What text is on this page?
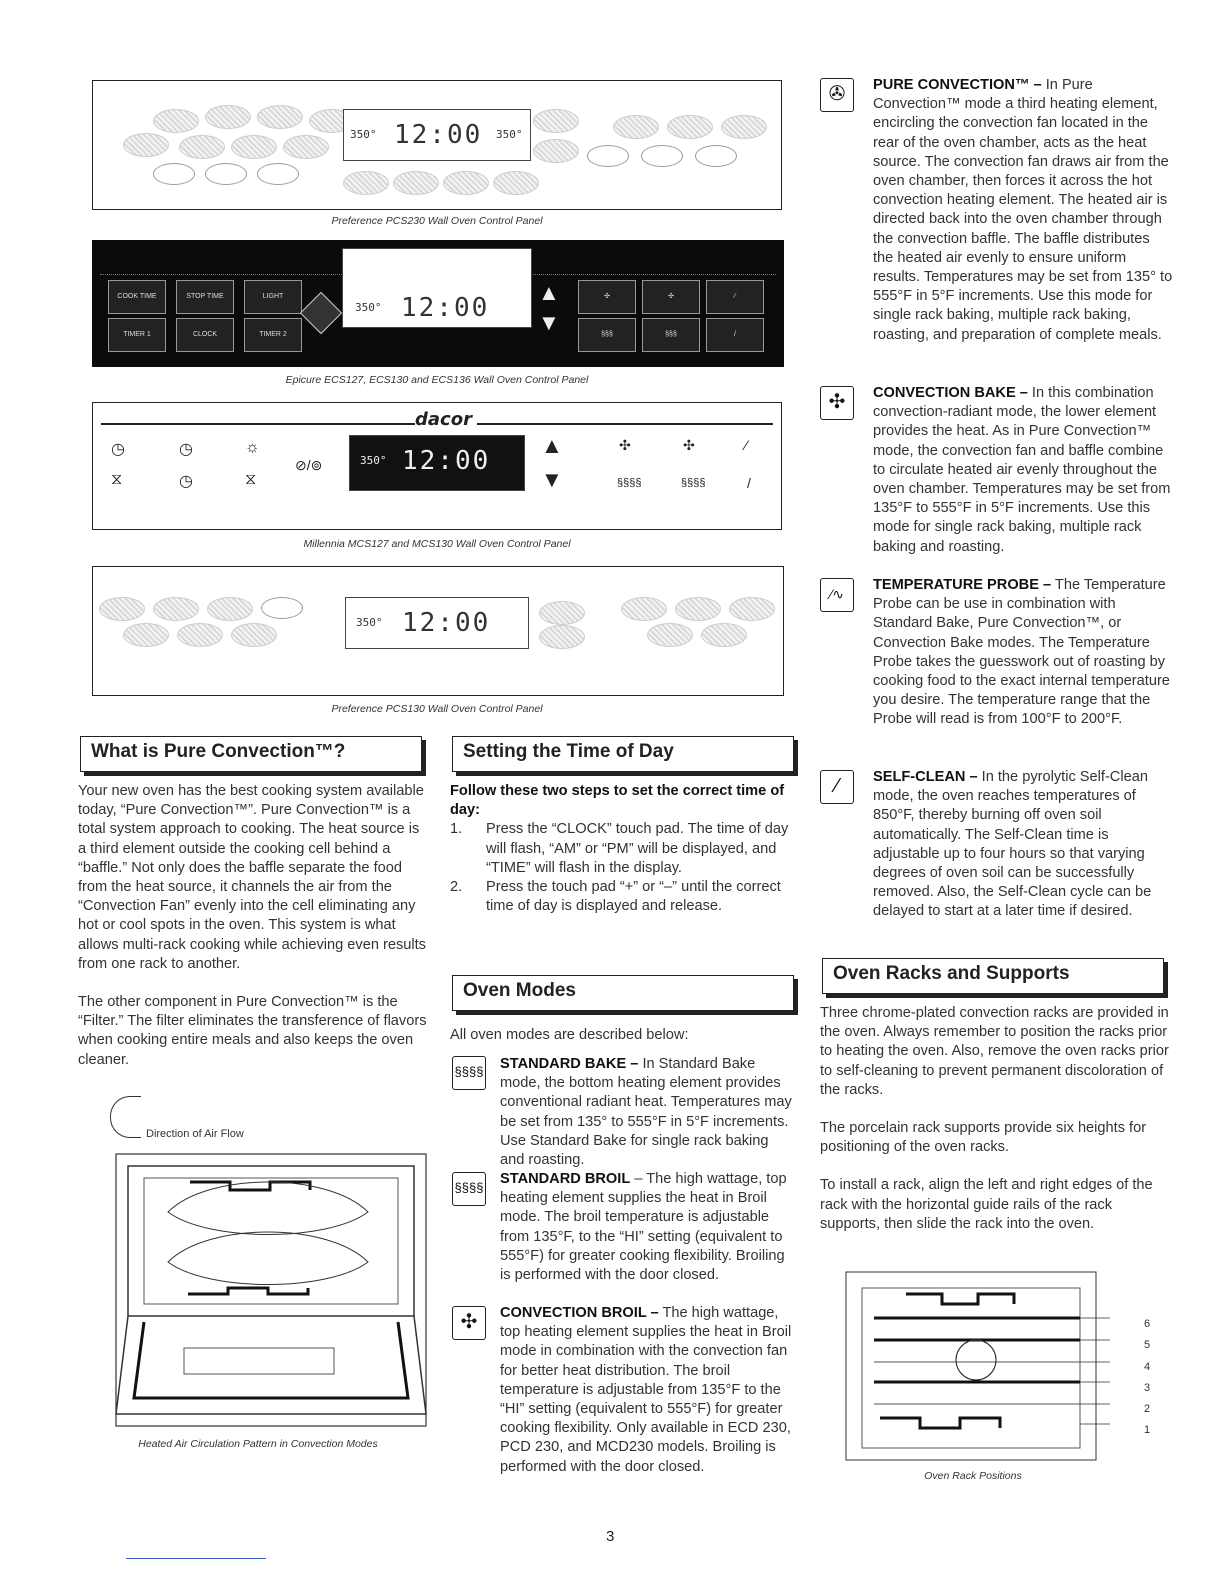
350° 12:00 350°
Preference PCS230 Wall Oven Control Panel
COOK TIME	STOP TIME	LIGHT
TIMER 1	CLOCK	TIMER 2
350° 12:00
▲
▼
✣	✣	⁄
§§§	§§§	/
Epicure ECS127, ECS130 and ECS136 Wall Oven Control Panel
dacor
◷	◷	☼
⧖	◷	⧖
⊘/⊚	350° 12:00
▲
▼
✣	✣	⁄
§§§§	§§§§	/
Millennia MCS127 and MCS130 Wall Oven Control Panel
350° 12:00
Preference PCS130 Wall Oven Control Panel
What is Pure Convection™?

Your new oven has the best cooking system available today, “Pure Convection™”. Pure Convection™ is a total system approach to cooking. The heat source is a third element outside the cooking cell behind a “baffle.” Not only does the baffle separate the food from the heat source, it channels the air from the “Convection Fan” evenly into the cell eliminating any hot or cool spots in the oven. This system is what allows multi-rack cooking while achieving even results from one rack to another.

The other component in Pure Convection™ is the “Filter.” The filter eliminates the transference of flavors when cooking entire meals and also keeps the oven cleaner.

Direction of Air Flow
Heated Air Circulation Pattern in Convection Modes
Setting the Time of Day

Follow these two steps to set the correct time of day:

1. Press the “CLOCK” touch pad. The time of day will flash, “AM” or “PM” will be displayed, and “TIME” will flash in the display.
2. Press the touch pad “+” or “–” until the correct time of day is displayed and release.
Oven Modes
All oven modes are described below:
§§§§ STANDARD BAKE – In Standard Bake mode, the bottom heating element provides conventional radiant heat. Temperatures may be set from 135° to 555°F in 5°F increments. Use Standard Bake for single rack baking and roasting.
§§§§
STANDARD BROIL – The high wattage, top heating element supplies the heat in Broil mode. The broil temperature is adjustable from 135°F, to the “HI” setting (equivalent to 555°F) for greater cooking flexibility. Broiling is performed with the door closed.
✣	CONVECTION BROIL – The high wattage, top heating element supplies the heat in Broil mode in combination with the convection fan for better heat distribution. The broil temperature is adjustable from 135°F to the “HI” setting (equivalent to 555°F) for greater cooking flexibility. Only available in ECD 230, PCD 230, and MCD230 models. Broiling is performed with the door closed.
✇	PURE CONVECTION™ – In Pure Convection™ mode a third heating element, encircling the convection fan located in the rear of the oven chamber, acts as the heat source. The convection fan draws air from the oven chamber, then forces it across the hot convection heating element. The heated air is directed back into the oven chamber through the convection baffle. The baffle distributes the heated air evenly to ensure uniform results. Temperatures may be set from 135° to 555°F in 5°F increments. Use this mode for single rack baking, multiple rack baking, roasting, and preparation of complete meals.
✣	CONVECTION BAKE – In this combination convection-radiant mode, the lower element provides the heat. As in Pure Convection™ mode, the convection fan and baffle combine to circulate heated air evenly throughout the oven chamber. Temperatures may be set from 135°F to 555°F in 5°F increments. Use this mode for single rack baking, multiple rack baking and roasting.
⁄∿
TEMPERATURE PROBE – The Temperature Probe can be use in combination with Standard Bake, Pure Convection™, or Convection Bake modes. The Temperature Probe takes the guesswork out of roasting by cooking food to the exact internal temperature you desire. The temperature range that the Probe will read is from 100°F to 200°F.
⁄	SELF-CLEAN – In the pyrolytic Self-Clean mode, the oven reaches temperatures of 850°F, thereby burning off oven soil automatically. The Self-Clean time is adjustable up to four hours so that varying degrees of oven soil can be successfully removed. Also, the Self-Clean cycle can be delayed to start at a later time if desired.
Oven Racks and Supports

Three chrome-plated convection racks are provided in the oven. Always remember to position the racks prior to heating the oven. Also, remove the oven racks prior to self-cleaning to prevent permanent discoloration of the racks.

The porcelain rack supports provide six heights for positioning of the oven racks.

To install a rack, align the left and right edges of the rack with the horizontal guide rails of the rack supports, then slide the rack into the oven.

6
5
4
3
2
1
Oven Rack Positions
3
